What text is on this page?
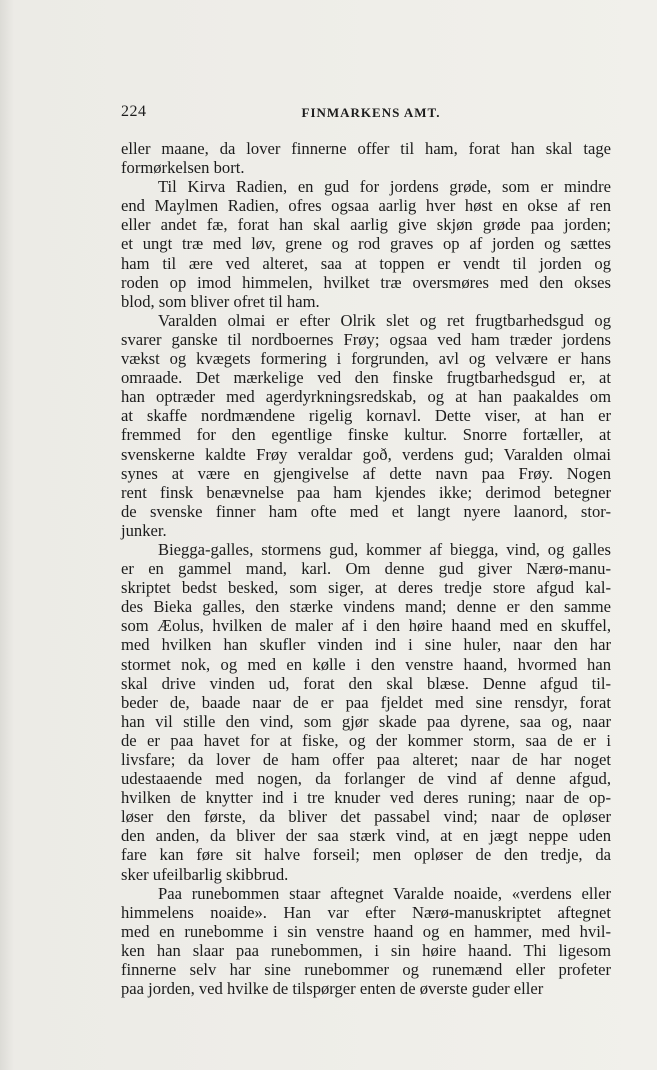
224	FINMARKENS AMT.

eller maane, da lover finnerne offer til ham, forat han skal tage

formørkelsen bort.

Til Kirva Radien, en gud for jordens grøde, som er mindre

end Maylmen Radien, ofres ogsaa aarlig hver høst en okse af ren

eller andet fæ, forat han skal aarlig give skjøn grøde paa jorden;

et ungt træ med løv, grene og rod graves op af jorden og sættes

ham til ære ved alteret, saa at toppen er vendt til jorden og

roden op imod himmelen, hvilket træ oversmøres med den okses

blod, som bliver ofret til ham.

Varalden olmai er efter Olrik slet og ret frugtbarhedsgud og

svarer ganske til nordboernes Frøy; ogsaa ved ham træder jordens

vækst og kvægets formering i forgrunden, avl og velvære er hans

omraade. Det mærkelige ved den finske frugtbarhedsgud er, at

han optræder med agerdyrkningsredskab, og at han paakaldes om

at skaffe nordmændene rigelig kornavl. Dette viser, at han er

fremmed for den egentlige finske kultur. Snorre fortæller, at

svenskerne kaldte Frøy veraldar goð, verdens gud; Varalden olmai

synes at være en gjengivelse af dette navn paa Frøy. Nogen

rent finsk benævnelse paa ham kjendes ikke; derimod betegner

de svenske finner ham ofte med et langt nyere laanord, stor-

junker.

Biegga-galles, stormens gud, kommer af biegga, vind, og galles

er en gammel mand, karl. Om denne gud giver Nærø-manu-

skriptet bedst besked, som siger, at deres tredje store afgud kal-

des Bieka galles, den stærke vindens mand; denne er den samme

som Æolus, hvilken de maler af i den høire haand med en skuffel,

med hvilken han skufler vinden ind i sine huler, naar den har

stormet nok, og med en kølle i den venstre haand, hvormed han

skal drive vinden ud, forat den skal blæse. Denne afgud til-

beder de, baade naar de er paa fjeldet med sine rensdyr, forat

han vil stille den vind, som gjør skade paa dyrene, saa og, naar

de er paa havet for at fiske, og der kommer storm, saa de er i

livsfare; da lover de ham offer paa alteret; naar de har noget

udestaaende med nogen, da forlanger de vind af denne afgud,

hvilken de knytter ind i tre knuder ved deres runing; naar de op-

løser den første, da bliver det passabel vind; naar de opløser

den anden, da bliver der saa stærk vind, at en jægt neppe uden

fare kan føre sit halve forseil; men opløser de den tredje, da

sker ufeilbarlig skibbrud.

Paa runebommen staar aftegnet Varalde noaide, «verdens eller

himmelens noaide». Han var efter Nærø-manuskriptet aftegnet

med en runebomme i sin venstre haand og en hammer, med hvil-

ken han slaar paa runebommen, i sin høire haand. Thi ligesom

finnerne selv har sine runebommer og runemænd eller profeter

paa jorden, ved hvilke de tilspørger enten de øverste guder eller
